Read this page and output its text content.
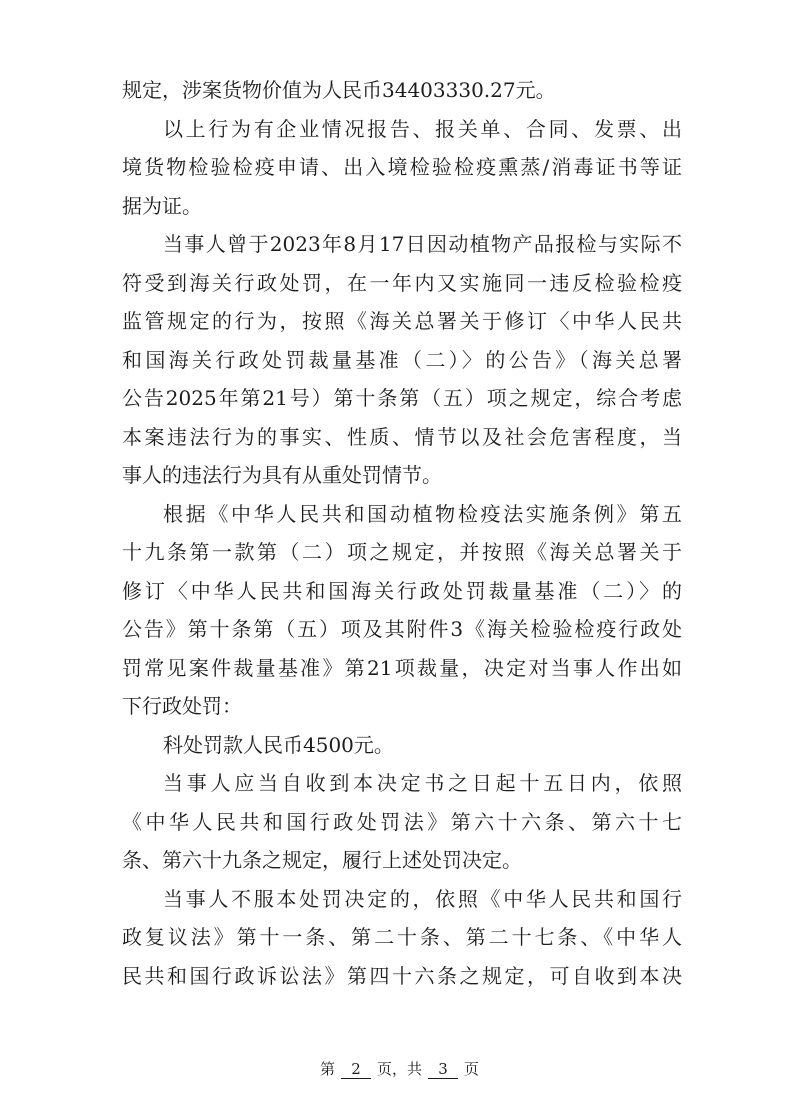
规定，涉案货物价值为人民币34403330.27元。
以上行为有企业情况报告、报关单、合同、发票、出
境货物检验检疫申请、出入境检验检疫熏蒸/消毒证书等证
据为证。
当事人曾于2023年8月17日因动植物产品报检与实际不
符受到海关行政处罚，在一年内又实施同一违反检验检疫
监管规定的行为，按照《海关总署关于修订〈中华人民共
和国海关行政处罚裁量基准（二）〉的公告》（海关总署
公告2025年第21号）第十条第（五）项之规定，综合考虑
本案违法行为的事实、性质、情节以及社会危害程度，当
事人的违法行为具有从重处罚情节。
根据《中华人民共和国动植物检疫法实施条例》第五
十九条第一款第（二）项之规定，并按照《海关总署关于
修订〈中华人民共和国海关行政处罚裁量基准（二）〉的
公告》第十条第（五）项及其附件3《海关检验检疫行政处
罚常见案件裁量基准》第21项裁量，决定对当事人作出如
下行政处罚：
科处罚款人民币4500元。
当事人应当自收到本决定书之日起十五日内，依照
《中华人民共和国行政处罚法》第六十六条、第六十七
条、第六十九条之规定，履行上述处罚决定。
当事人不服本处罚决定的，依照《中华人民共和国行
政复议法》第十一条、第二十条、第二十七条、《中华人
民共和国行政诉讼法》第四十六条之规定，可自收到本决
第 2 页，共 3 页
